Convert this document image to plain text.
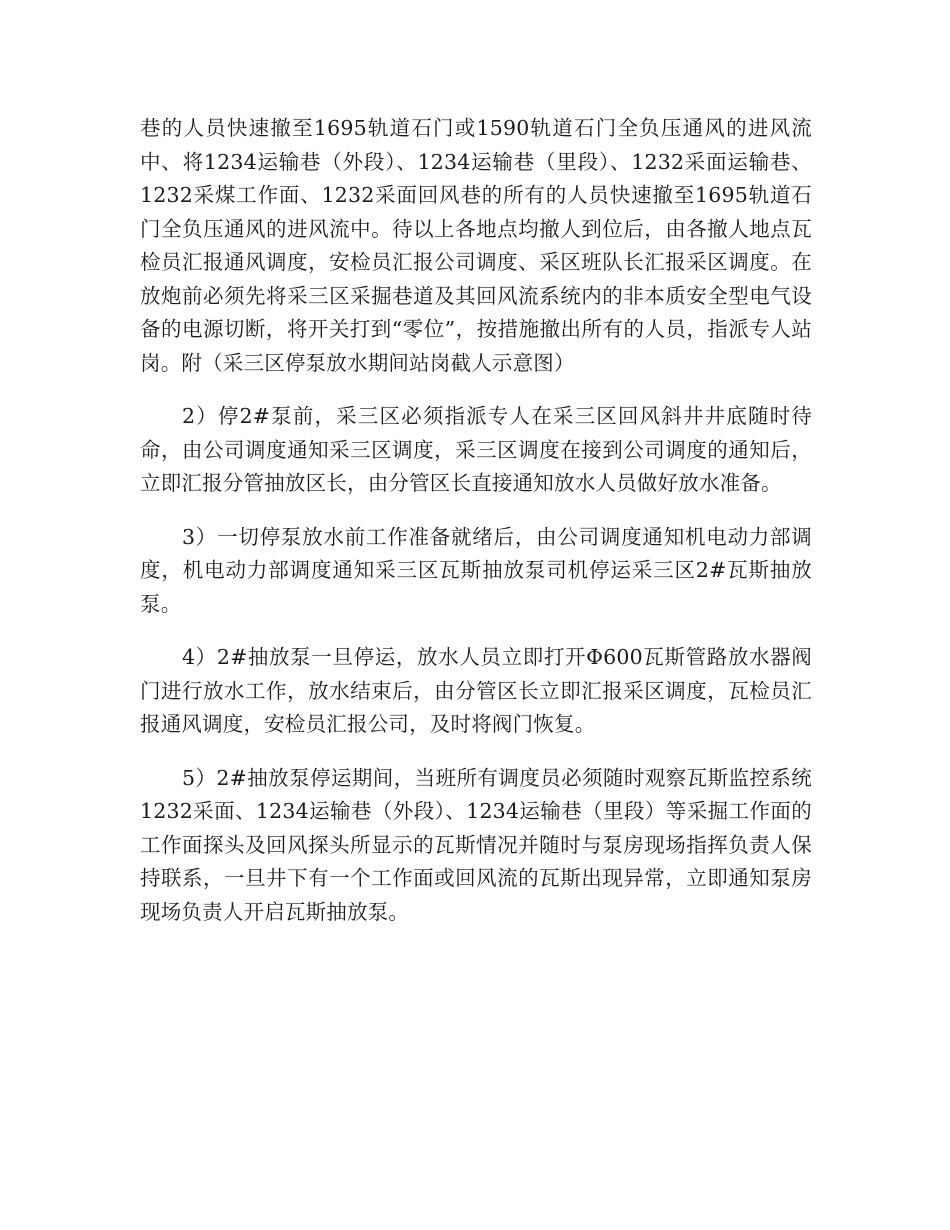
巷的人员快速撤至1695轨道石门或1590轨道石门全负压通风的进风流中、将1234运输巷（外段）、1234运输巷（里段）、1232采面运输巷、1232采煤工作面、1232采面回风巷的所有的人员快速撤至1695轨道石门全负压通风的进风流中。待以上各地点均撤人到位后，由各撤人地点瓦检员汇报通风调度，安检员汇报公司调度、采区班队长汇报采区调度。在放炮前必须先将采三区采掘巷道及其回风流系统内的非本质安全型电气设备的电源切断，将开关打到“零位”，按措施撤出所有的人员，指派专人站岗。附（采三区停泵放水期间站岗截人示意图）

2）停2#泵前，采三区必须指派专人在采三区回风斜井井底随时待命，由公司调度通知采三区调度，采三区调度在接到公司调度的通知后，立即汇报分管抽放区长，由分管区长直接通知放水人员做好放水准备。

3）一切停泵放水前工作准备就绪后，由公司调度通知机电动力部调度，机电动力部调度通知采三区瓦斯抽放泵司机停运采三区2#瓦斯抽放泵。

4）2#抽放泵一旦停运，放水人员立即打开Φ600瓦斯管路放水器阀门进行放水工作，放水结束后，由分管区长立即汇报采区调度，瓦检员汇报通风调度，安检员汇报公司，及时将阀门恢复。

5）2#抽放泵停运期间，当班所有调度员必须随时观察瓦斯监控系统1232采面、1234运输巷（外段）、1234运输巷（里段）等采掘工作面的工作面探头及回风探头所显示的瓦斯情况并随时与泵房现场指挥负责人保持联系，一旦井下有一个工作面或回风流的瓦斯出现异常，立即通知泵房现场负责人开启瓦斯抽放泵。
